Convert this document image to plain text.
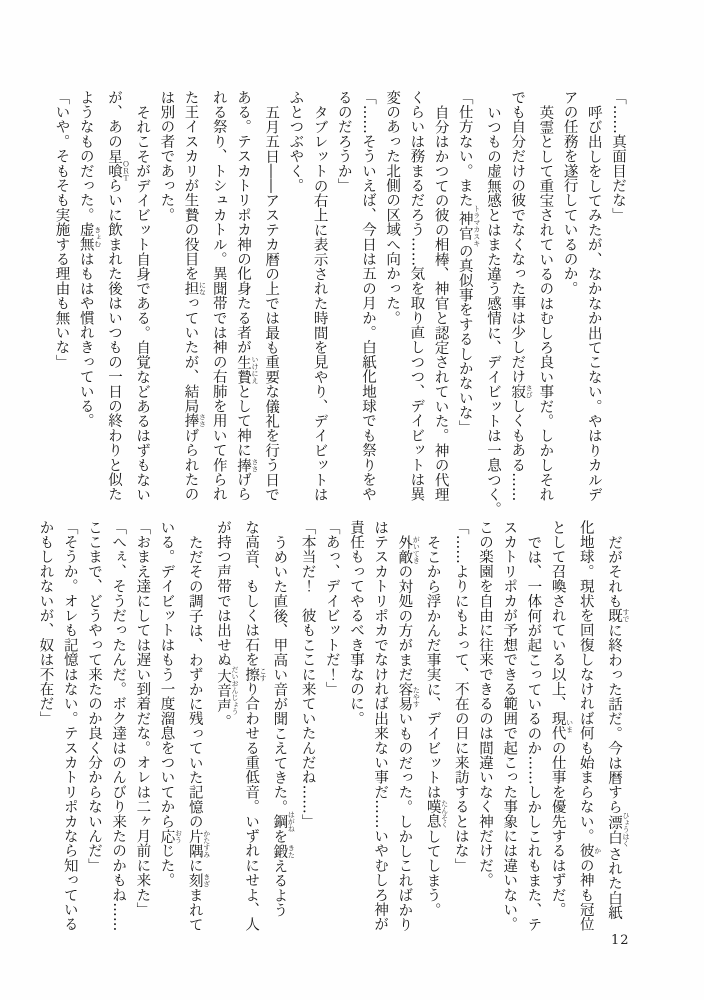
「……真面目だな」

呼び出しをしてみたが、なかなか出てこない。やはりカルデ

アの任務を遂行しているのか。

英霊として重宝されているのはむしろ良い事だ。しかしそれ

でも自分だけの彼でなくなった事は少しだけ寂 さびしくもある……

いつもの虚無感とはまた違う感情に、デイビットは一息つく。

「仕方ない。また神官 トラマカスキの真似事をするしかないな」

自分はかつての彼の相棒、神官と認定されていた。神の代理

くらいは務まるだろう……気を取り直しつつ、デイビットは異

変のあった北側の区域へ向かった。

「……そういえば、今日は五の月か。白紙化地球でも祭りをや

るのだろうか」

タブレットの右上に表示された時間を見やり、デイビットは

ふとつぶやく。

五月五日――アステカ暦の上では最も重要な儀礼を行う日で

ある。テスカトリポカ神の化身たる者が生贄 いけにえとして神に捧 ささげら

れる祭り、トシュカトル。異聞帯では神の右肺を用いて作られ

た王イスカリが生贄の役目を担 になっていたが、結局捧 ささげられたの

は別の者であった。

それこそがデイビット自身である。自覚などあるはずもない

が、あの星喰ら ＯＲＴいに飲まれた後はいつもの一日の終わりと似た

ようなものだった。虚無 きょむはもはや慣れきっている。

「いや。そもそも実施する理由も無いな」

だがそれも既 すでに終わった話だ。今は暦すら漂白 ひょうはくされた白紙

化地球。現状を回復しなければ何も始まらない。彼 かの神も冠位

として召喚されている以上、現代 いまの仕事を優先するはずだ。

では、一体何が起こっているのか……しかしこれもまた、テ

スカトリポカが予想できる範囲で起こった事象には違いない。

この楽園を自由に往来できるのは間違いなく神だけだ。

「……よりにもよって、不在の日に来訪するとはな」

そこから浮かんだ事実に、デイビットは嘆息 たんそくしてしまう。

外敵 がいてきの対処の方がまだ容易 たやすいものだった。しかしこればかり

はテスカトリポカでなければ出来ない事だ……いやむしろ神が

責任もってやるべき事なのに。

「あっ、デイビットだ！」

「本当だ！　彼もここに来ていたんだね……」

うめいた直後、甲高い音が聞こえてきた。鋼 はがねを鍛 きたえるよう

な高音、もしくは石を擦 こすり合わせる重低音。いずれにせよ、人

が持つ声帯では出せぬ大音声 だいおんじょう。

ただその調子は、わずかに残っていた記憶の片隅 かたすみに刻 きざまれて

いる。デイビットはもう一度溜息をついてから応 おうじた。

「おまえ達にしては遅い到着だな。オレは二ヶ月前に来た」

「へぇ、そうだったんだ。ボク達はのんびり来たのかもね……

ここまで、どうやって来たのか良く分からないんだ」

「そうか。オレも記憶はない。テスカトリポカなら知っている

かもしれないが、奴は不在だ」

12
